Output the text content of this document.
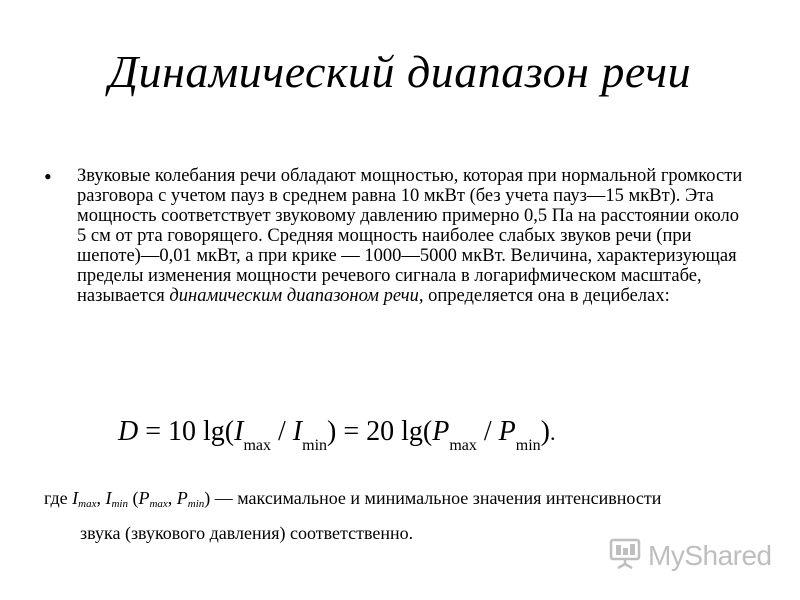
Динамический диапазон речи
• Звуковые колебания речи обладают мощностью, которая при нормальной громкости разговора с учетом пауз в среднем равна 10 мкВт (без учета пауз—15 мкВт). Эта мощность соответствует звуковому давлению примерно 0,5 Па на расстоянии около 5 см от рта говорящего. Средняя мощность наиболее слабых звуков речи (при шепоте)—0,01 мкВт, а при крике — 1000—5000 мкВт. Величина, характеризующая пределы изменения мощности речевого сигнала в логарифмическом масштабе, называется динамическим диапазоном речи, определяется она в децибелах:
D = 10 $\lg(I_{max} / I_{min}) = 20$ $\lg(P_{max} / P_{min})$.
где $I_{max}$, $I_{min}$ ($P_{max}$, $P_{min}$) — максимальное и минимальное значения интенсивности
звука (звукового давления) соответственно.
MyShared
